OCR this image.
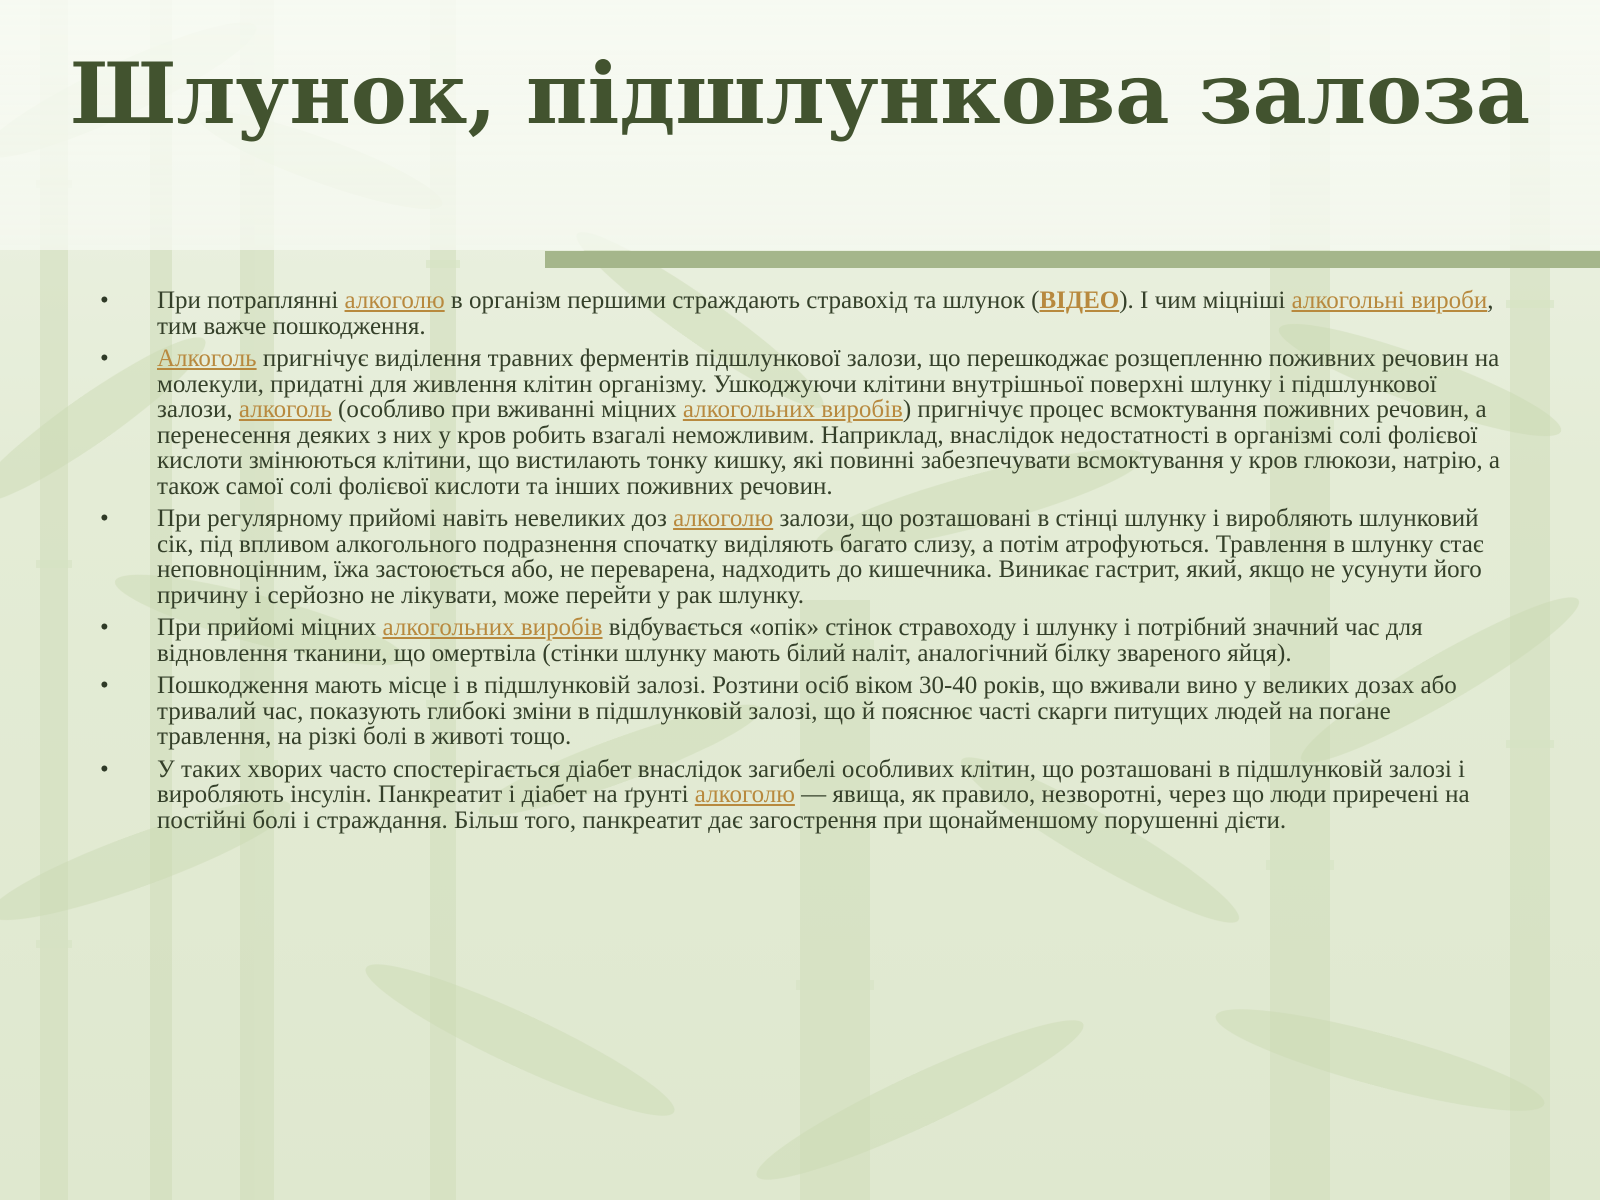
Шлунок, підшлункова залоза
•	При потраплянні алкоголю в організм першими страждають стравохід та шлунок (ВІДЕО). І чим міцніші алкогольні вироби, тим важче пошкодження.
•	Алкоголь пригнічує виділення травних ферментів підшлункової залози, що перешкоджає розщепленню поживних речовин на молекули, придатні для живлення клітин організму. Ушкоджуючи клітини внутрішньої поверхні шлунку і підшлункової залози, алкоголь (особливо при вживанні міцних алкогольних виробів) пригнічує процес всмоктування поживних речовин, а перенесення деяких з них у кров робить взагалі неможливим. Наприклад, внаслідок недостатності в організмі солі фолієвої кислоти змінюються клітини, що вистилають тонку кишку, які повинні забезпечувати всмоктування у кров глюкози, натрію, а також самої солі фолієвої кислоти та інших поживних речовин.
•	При регулярному прийомі навіть невеликих доз алкоголю залози, що розташовані в стінці шлунку і виробляють шлунковий сік, під впливом алкогольного подразнення спочатку виділяють багато слизу, а потім атрофуються. Травлення в шлунку стає неповноцінним, їжа застоюється або, не переварена, надходить до кишечника. Виникає гастрит, який, якщо не усунути його причину і серйозно не лікувати, може перейти у рак шлунку.
•	При прийомі міцних алкогольних виробів відбувається «опік» стінок стравоходу і шлунку і потрібний значний час для відновлення тканини, що омертвіла (стінки шлунку мають білий наліт, аналогічний білку звареного яйця).
•	Пошкодження мають місце і в підшлунковій залозі. Розтини осіб віком 30-40 років, що вживали вино у великих дозах або тривалий час, показують глибокі зміни в підшлунковій залозі, що й пояснює часті скарги питущих людей на погане травлення, на різкі болі в животі тощо.
•	У таких хворих часто спостерігається діабет внаслідок загибелі особливих клітин, що розташовані в підшлунковій залозі і виробляють інсулін. Панкреатит і діабет на ґрунті алкоголю — явища, як правило, незворотні, через що люди приречені на постійні болі і страждання. Більш того, панкреатит дає загострення при щонайменшому порушенні дієти.
